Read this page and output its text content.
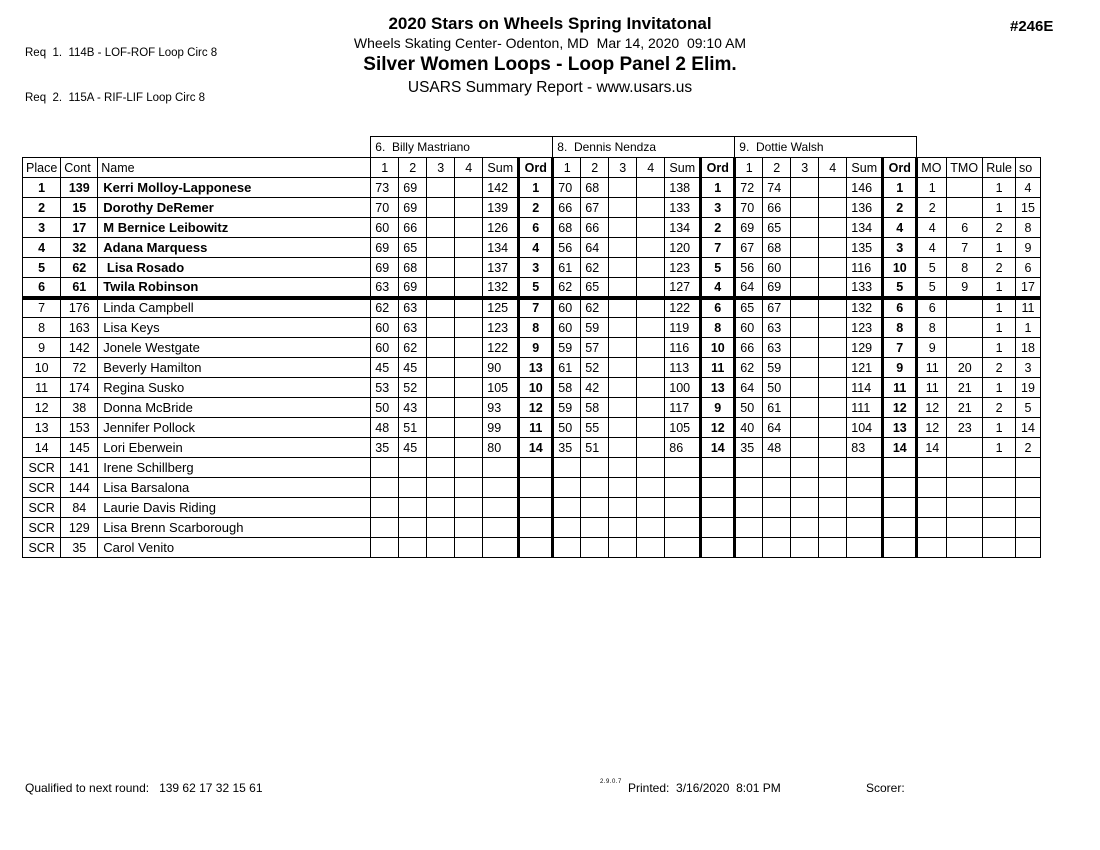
Req  1.  114B - LOF-ROF Loop Circ 8

Req  2.  115A - RIF-LIF Loop Circ 8

2020 Stars on Wheels Spring Invitatonal
Wheels Skating Center- Odenton, MD  Mar 14, 2020  09:10 AM
Silver Women Loops - Loop Panel 2 Elim.
USARS Summary Report - www.usars.us
#246E
			6.  Billy Mastriano						8.  Dennis Nendza						9.  Dottie Walsh									
Place	Cont	Name	1	2	3	4	Sum	Ord	1	2	3	4	Sum	Ord	1	2	3	4	Sum	Ord	MO	TMO	Rule	so
1	139	Kerri Molloy-Lapponese	73	69			142	1	70	68			138	1	72	74			146	1	1		1	4
2	15	Dorothy DeRemer	70	69			139	2	66	67			133	3	70	66			136	2	2		1	15
3	17	M Bernice Leibowitz	60	66			126	6	68	66			134	2	69	65			134	4	4	6	2	8
4	32	Adana Marquess	69	65			134	4	56	64			120	7	67	68			135	3	4	7	1	9
5	62	Lisa Rosado	69	68			137	3	61	62			123	5	56	60			116	10	5	8	2	6
6	61	Twila Robinson	63	69			132	5	62	65			127	4	64	69			133	5	5	9	1	17
7	176	Linda Campbell	62	63			125	7	60	62			122	6	65	67			132	6	6		1	11
8	163	Lisa Keys	60	63			123	8	60	59			119	8	60	63			123	8	8		1	1
9	142	Jonele Westgate	60	62			122	9	59	57			116	10	66	63			129	7	9		1	18
10	72	Beverly Hamilton	45	45			90	13	61	52			113	11	62	59			121	9	11	20	2	3
11	174	Regina Susko	53	52			105	10	58	42			100	13	64	50			114	11	11	21	1	19
12	38	Donna McBride	50	43			93	12	59	58			117	9	50	61			111	12	12	21	2	5
13	153	Jennifer Pollock	48	51			99	11	50	55			105	12	40	64			104	13	12	23	1	14
14	145	Lori Eberwein	35	45			80	14	35	51			86	14	35	48			83	14	14		1	2
SCR	141	Irene Schillberg																						
SCR	144	Lisa Barsalona																						
SCR	84	Laurie Davis Riding																						
SCR	129	Lisa Brenn Scarborough																						
SCR	35	Carol Venito																						
Qualified to next round:   139 62 17 32 15 61	2.9.0.7 Printed:  3/16/2020  8:01 PM	Scorer:
